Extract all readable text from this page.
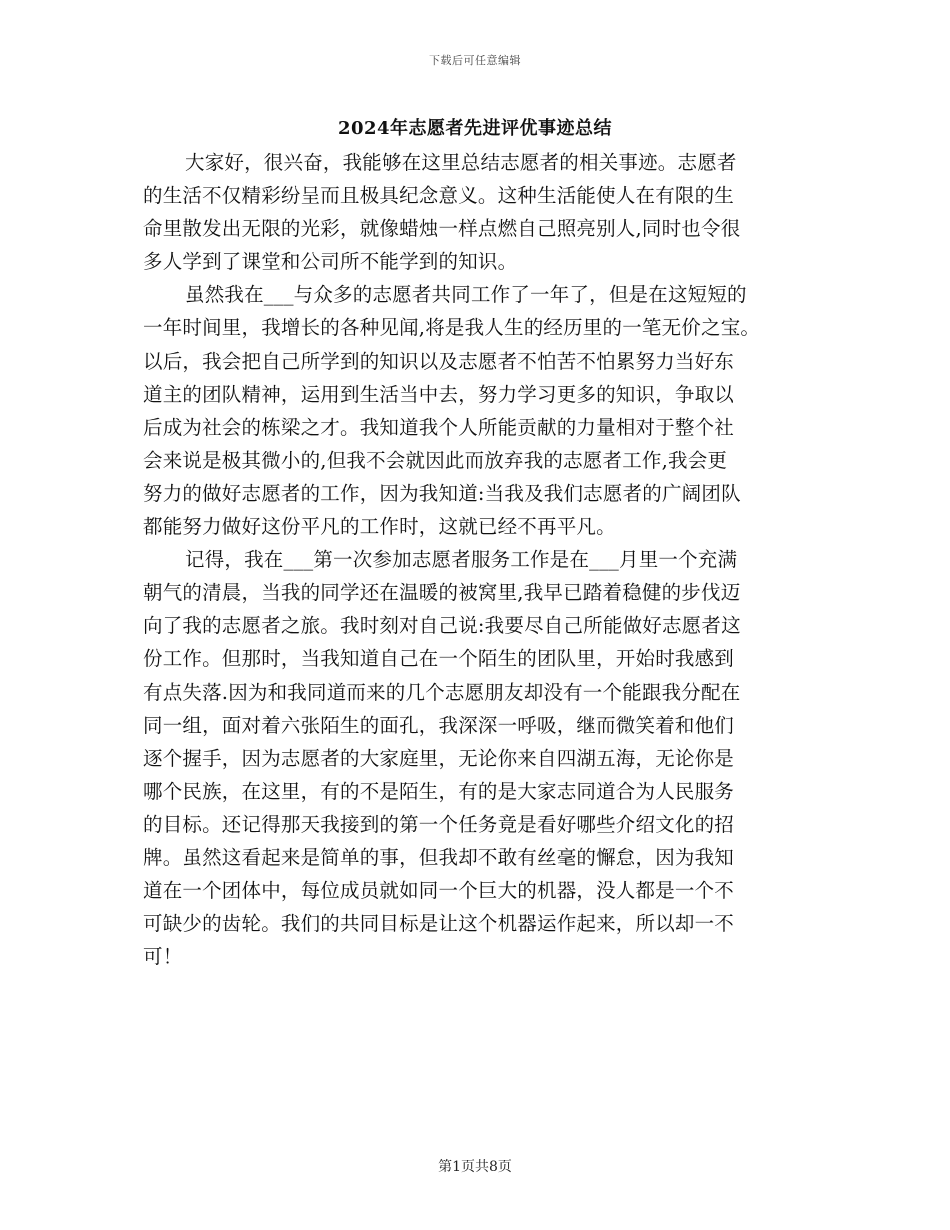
下载后可任意编辑
2024年志愿者先进评优事迹总结
大家好，很兴奋，我能够在这里总结志愿者的相关事迹。志愿者
的生活不仅精彩纷呈而且极具纪念意义。这种生活能使人在有限的生
命里散发出无限的光彩，就像蜡烛一样点燃自己照亮别人,同时也令很
多人学到了课堂和公司所不能学到的知识。
虽然我在___与众多的志愿者共同工作了一年了，但是在这短短的
一年时间里，我增长的各种见闻,将是我人生的经历里的一笔无价之宝。
以后，我会把自己所学到的知识以及志愿者不怕苦不怕累努力当好东
道主的团队精神，运用到生活当中去，努力学习更多的知识，争取以
后成为社会的栋梁之才。我知道我个人所能贡献的力量相对于整个社
会来说是极其微小的,但我不会就因此而放弃我的志愿者工作,我会更
努力的做好志愿者的工作，因为我知道:当我及我们志愿者的广阔团队
都能努力做好这份平凡的工作时，这就已经不再平凡。
记得，我在___第一次参加志愿者服务工作是在___月里一个充满
朝气的清晨，当我的同学还在温暖的被窝里,我早已踏着稳健的步伐迈
向了我的志愿者之旅。我时刻对自己说:我要尽自己所能做好志愿者这
份工作。但那时，当我知道自己在一个陌生的团队里，开始时我感到
有点失落.因为和我同道而来的几个志愿朋友却没有一个能跟我分配在
同一组，面对着六张陌生的面孔，我深深一呼吸，继而微笑着和他们
逐个握手，因为志愿者的大家庭里，无论你来自四湖五海，无论你是
哪个民族，在这里，有的不是陌生，有的是大家志同道合为人民服务
的目标。还记得那天我接到的第一个任务竟是看好哪些介绍文化的招
牌。虽然这看起来是简单的事，但我却不敢有丝毫的懈怠，因为我知
道在一个团体中，每位成员就如同一个巨大的机器，没人都是一个不
可缺少的齿轮。我们的共同目标是让这个机器运作起来，所以却一不
可！
第1页共8页
